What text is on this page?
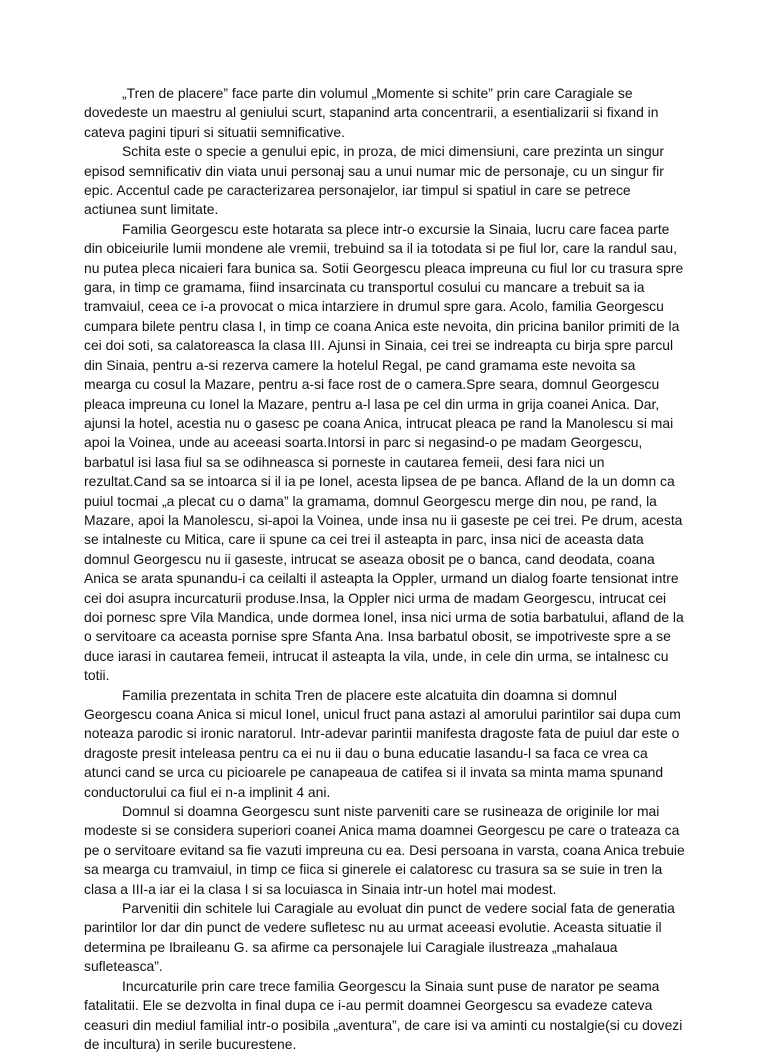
„Tren de placere” face parte din volumul „Momente si schite” prin care Caragiale se dovedeste un maestru al geniului scurt, stapanind arta concentrarii, a esentializarii si fixand in cateva pagini tipuri si situatii semnificative.

Schita este o specie a genului epic, in proza, de mici dimensiuni, care prezinta un singur episod semnificativ din viata unui personaj sau a unui numar mic de personaje, cu un singur fir epic. Accentul cade pe caracterizarea personajelor, iar timpul si spatiul in care se petrece actiunea sunt limitate.

Familia Georgescu este hotarata sa plece intr-o excursie la Sinaia, lucru care facea parte din obiceiurile lumii mondene ale vremii, trebuind sa il ia totodata si pe fiul lor, care la randul sau, nu putea pleca nicaieri fara bunica sa. Sotii Georgescu pleaca impreuna cu fiul lor cu trasura spre gara, in timp ce gramama, fiind insarcinata cu transportul cosului cu mancare a trebuit sa ia tramvaiul, ceea ce i-a provocat o mica intarziere in drumul spre gara. Acolo, familia Georgescu cumpara bilete pentru clasa I, in timp ce coana Anica este nevoita, din pricina banilor primiti de la cei doi soti, sa calatoreasca la clasa III. Ajunsi in Sinaia, cei trei se indreapta cu birja spre parcul din Sinaia, pentru a-si rezerva camere la hotelul Regal, pe cand gramama este nevoita sa mearga cu cosul la Mazare, pentru a-si face rost de o camera.Spre seara, domnul Georgescu pleaca impreuna cu Ionel la Mazare, pentru a-l lasa pe cel din urma in grija coanei Anica. Dar, ajunsi la hotel, acestia nu o gasesc pe coana Anica, intrucat pleaca pe rand la Manolescu si mai apoi la Voinea, unde au aceeasi soarta.Intorsi in parc si negasind-o pe madam Georgescu, barbatul isi lasa fiul sa se odihneasca si porneste in cautarea femeii, desi fara nici un rezultat.Cand sa se intoarca si il ia pe Ionel, acesta lipsea de pe banca. Afland de la un domn ca puiul tocmai „a plecat cu o dama” la gramama, domnul Georgescu merge din nou, pe rand, la Mazare, apoi la Manolescu, si-apoi la Voinea, unde insa nu ii gaseste pe cei trei. Pe drum, acesta se intalneste cu Mitica, care ii spune ca cei trei il asteapta in parc, insa nici de aceasta data domnul Georgescu nu ii gaseste, intrucat se aseaza obosit pe o banca, cand deodata, coana Anica se arata spunandu-i ca ceilalti il asteapta la Oppler, urmand un dialog foarte tensionat intre cei doi asupra incurcaturii produse.Insa, la Oppler nici urma de madam Georgescu, intrucat cei doi pornesc spre Vila Mandica, unde dormea Ionel, insa nici urma de sotia barbatului, afland de la o servitoare ca aceasta pornise spre Sfanta Ana. Insa barbatul obosit, se impotriveste spre a se duce iarasi in cautarea femeii, intrucat il asteapta la vila, unde, in cele din urma, se intalnesc cu totii.

Familia prezentata in schita Tren de placere este alcatuita din doamna si domnul Georgescu coana Anica si micul Ionel, unicul fruct pana astazi al amorului parintilor sai dupa cum noteaza parodic si ironic naratorul. Intr-adevar parintii manifesta dragoste fata de puiul dar este o dragoste presit inteleasa pentru ca ei nu ii dau o buna educatie lasandu-l sa faca ce vrea ca atunci cand se urca cu picioarele pe canapeaua de catifea si il invata sa minta mama spunand conductorului ca fiul ei n-a implinit 4 ani.

Domnul si doamna Georgescu sunt niste parveniti care se rusineaza de originile lor mai modeste si se considera superiori coanei Anica mama doamnei Georgescu pe care o trateaza ca pe o servitoare evitand sa fie vazuti impreuna cu ea. Desi persoana in varsta, coana Anica trebuie sa mearga cu tramvaiul, in timp ce fiica si ginerele ei calatoresc cu trasura sa se suie in tren la clasa a III-a iar ei la clasa I si sa locuiasca in Sinaia intr-un hotel mai modest.

Parvenitii din schitele lui Caragiale au evoluat din punct de vedere social fata de generatia parintilor lor dar din punct de vedere sufletesc nu au urmat aceeasi evolutie. Aceasta situatie il determina pe Ibraileanu G. sa afirme ca personajele lui Caragiale ilustreaza „mahalaua sufleteasca”.

Incurcaturile prin care trece familia Georgescu la Sinaia sunt puse de narator pe seama fatalitatii. Ele se dezvolta in final dupa ce i-au permit doamnei Georgescu sa evadeze cateva ceasuri din mediul familial intr-o posibila „aventura”, de care isi va aminti cu nostalgie(si cu dovezi de incultura) in serile bucurestene.
